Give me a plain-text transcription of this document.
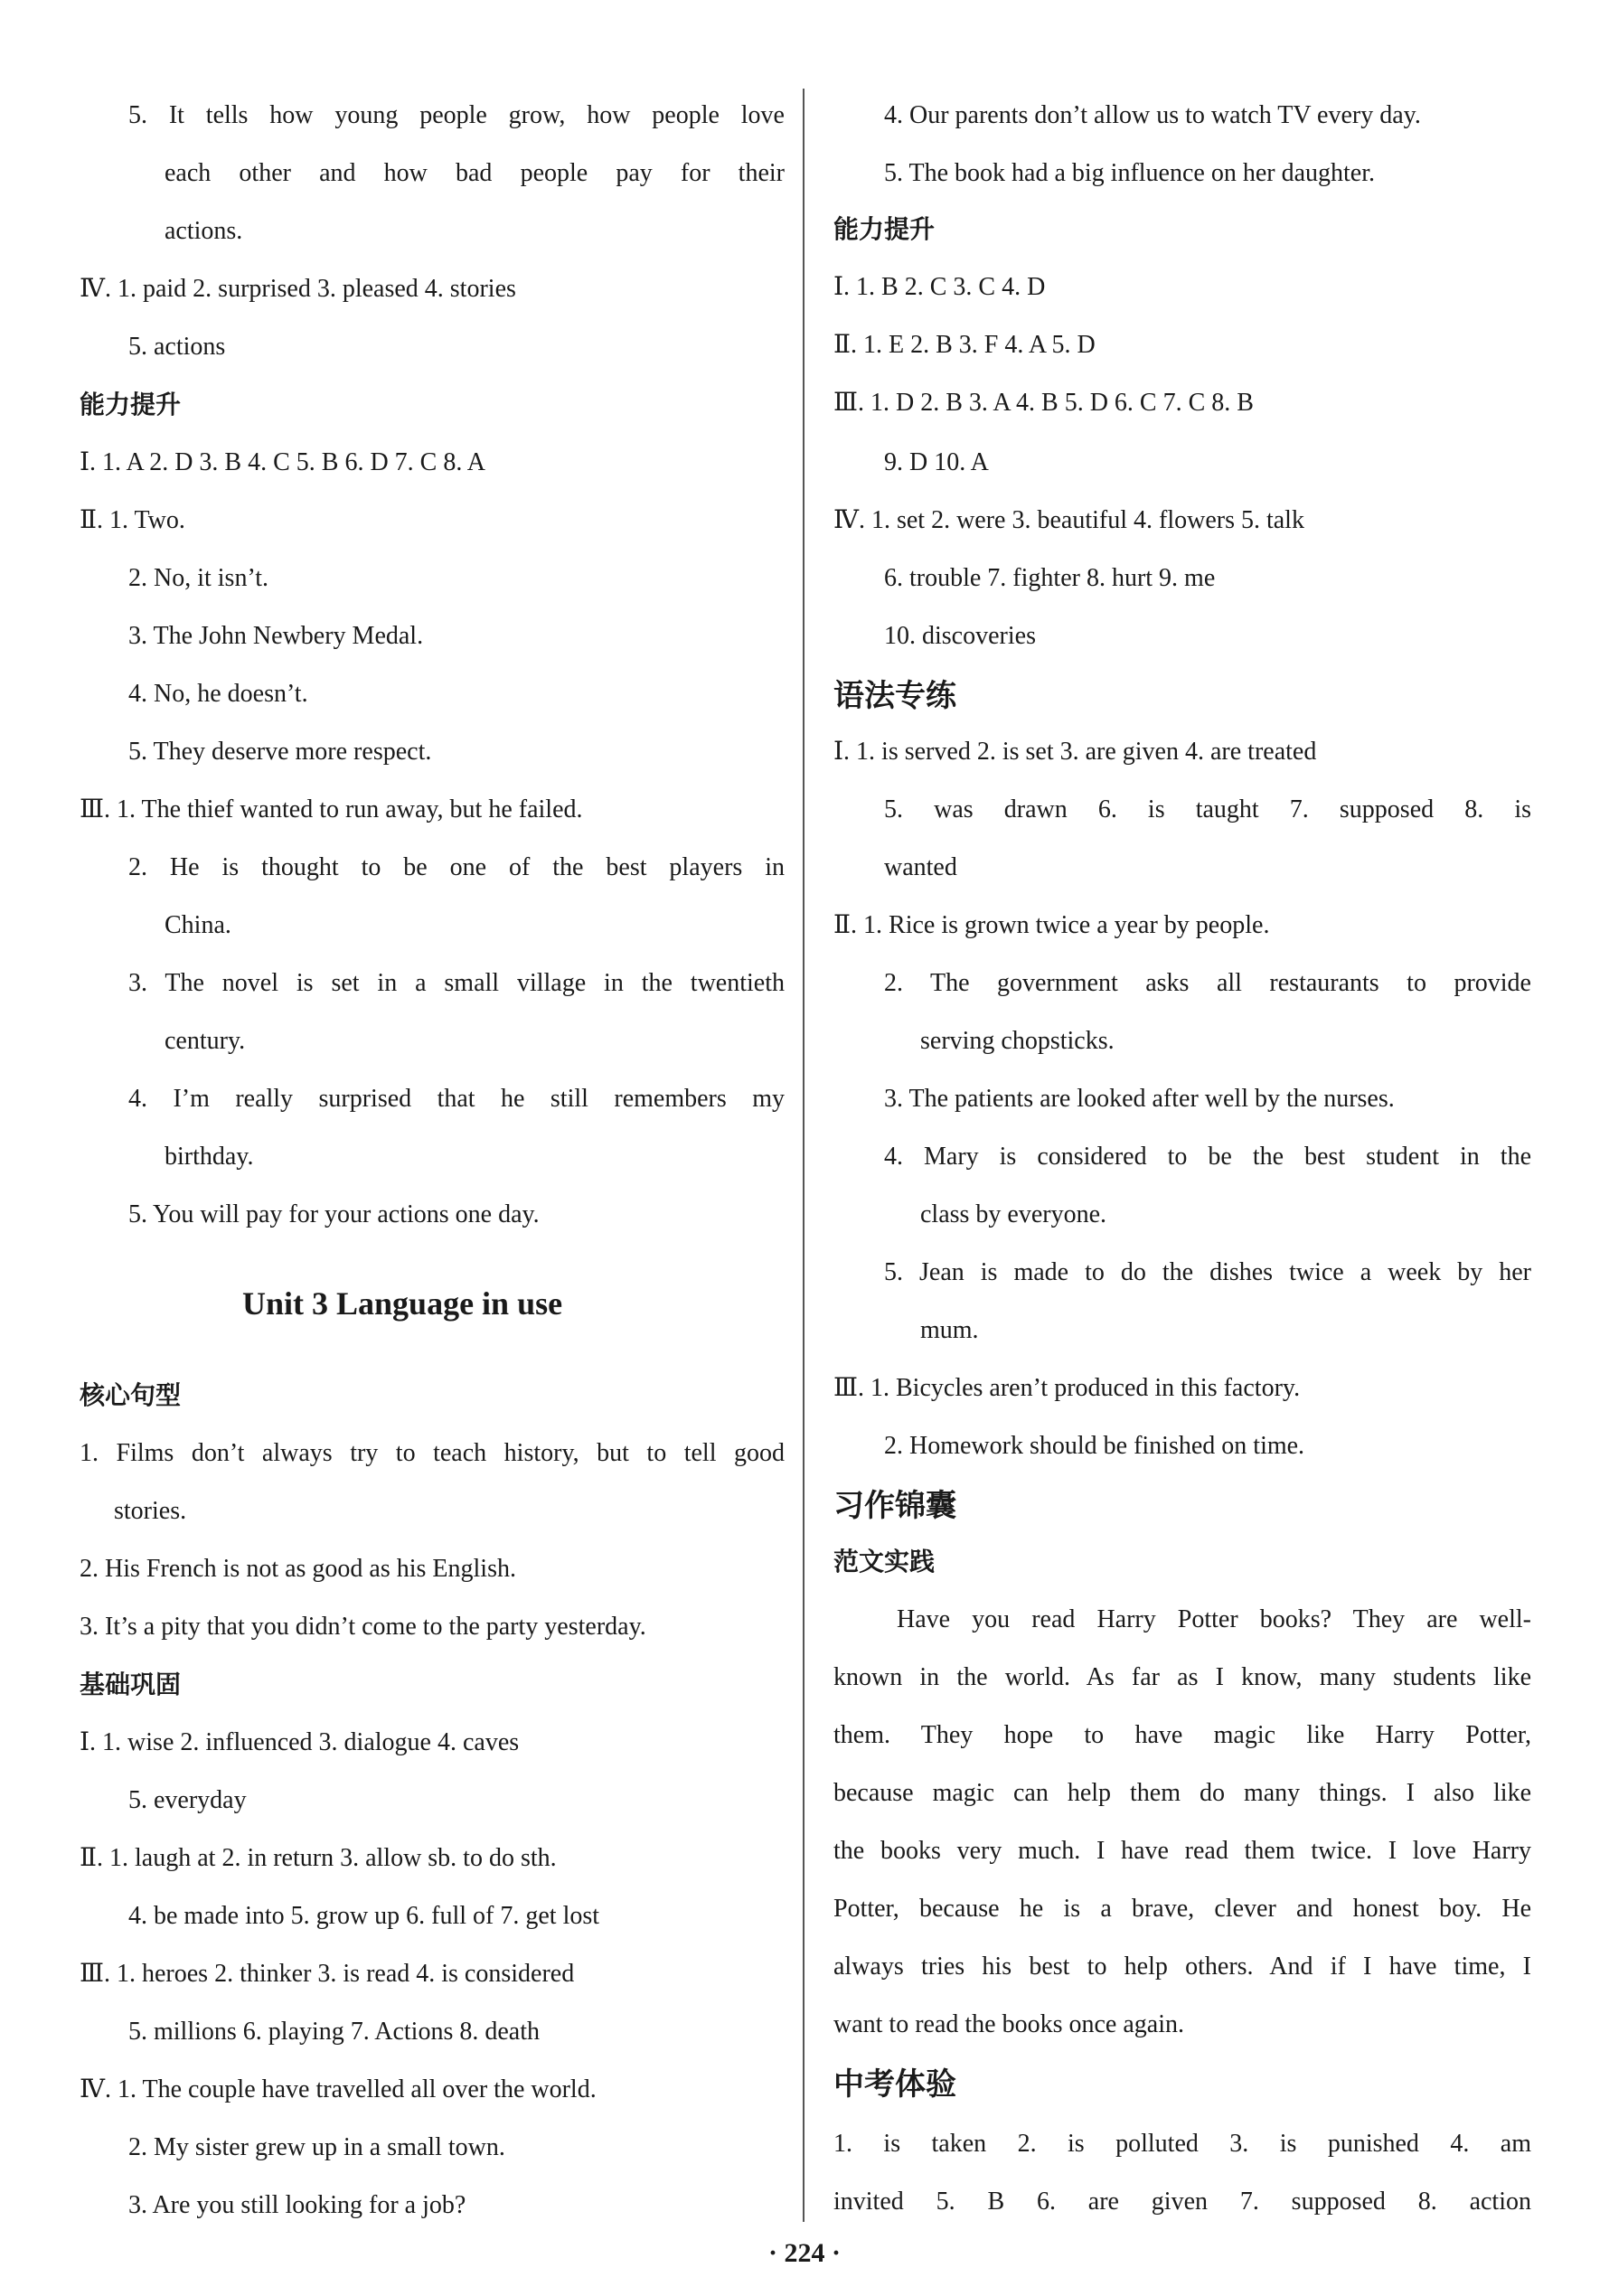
5. It tells how young people grow, how people love
each other and how bad people pay for their
actions.
Ⅳ. 1. paid 2. surprised 3. pleased 4. stories
5. actions
能力提升
Ⅰ. 1. A 2. D 3. B 4. C 5. B 6. D 7. C 8. A
Ⅱ. 1. Two.
2. No, it isn’t.
3. The John Newbery Medal.
4. No, he doesn’t.
5. They deserve more respect.
Ⅲ. 1. The thief wanted to run away, but he failed.
2. He is thought to be one of the best players in
China.
3. The novel is set in a small village in the twentieth
century.
4. I’m really surprised that he still remembers my
birthday.
5. You will pay for your actions one day.
Unit 3 Language in use
核心句型
1. Films don’t always try to teach history, but to tell good
stories.
2. His French is not as good as his English.
3. It’s a pity that you didn’t come to the party yesterday.
基础巩固
Ⅰ. 1. wise 2. influenced 3. dialogue 4. caves
5. everyday
Ⅱ. 1. laugh at 2. in return 3. allow sb. to do sth.
4. be made into 5. grow up 6. full of 7. get lost
Ⅲ. 1. heroes 2. thinker 3. is read 4. is considered
5. millions 6. playing 7. Actions 8. death
Ⅳ. 1. The couple have travelled all over the world.
2. My sister grew up in a small town.
3. Are you still looking for a job?
4. Our parents don’t allow us to watch TV every day.
5. The book had a big influence on her daughter.
能力提升
Ⅰ. 1. B 2. C 3. C 4. D
Ⅱ. 1. E 2. B 3. F 4. A 5. D
Ⅲ. 1. D 2. B 3. A 4. B 5. D 6. C 7. C 8. B
9. D 10. A
Ⅳ. 1. set 2. were 3. beautiful 4. flowers 5. talk
6. trouble 7. fighter 8. hurt 9. me
10. discoveries
语法专练
Ⅰ. 1. is served 2. is set 3. are given 4. are treated
5. was drawn 6. is taught 7. supposed 8. is
wanted
Ⅱ. 1. Rice is grown twice a year by people.
2. The government asks all restaurants to provide
serving chopsticks.
3. The patients are looked after well by the nurses.
4. Mary is considered to be the best student in the
class by everyone.
5. Jean is made to do the dishes twice a week by her
mum.
Ⅲ. 1. Bicycles aren’t produced in this factory.
2. Homework should be finished on time.
习作锦囊
范文实践
Have you read Harry Potter books? They are well-
known in the world. As far as I know, many students like
them. They hope to have magic like Harry Potter,
because magic can help them do many things. I also like
the books very much. I have read them twice. I love Harry
Potter, because he is a brave, clever and honest boy. He
always tries his best to help others. And if I have time, I
want to read the books once again.
中考体验
1. is taken 2. is polluted 3. is punished 4. am
invited 5. B 6. are given 7. supposed 8. action
· 224 ·
